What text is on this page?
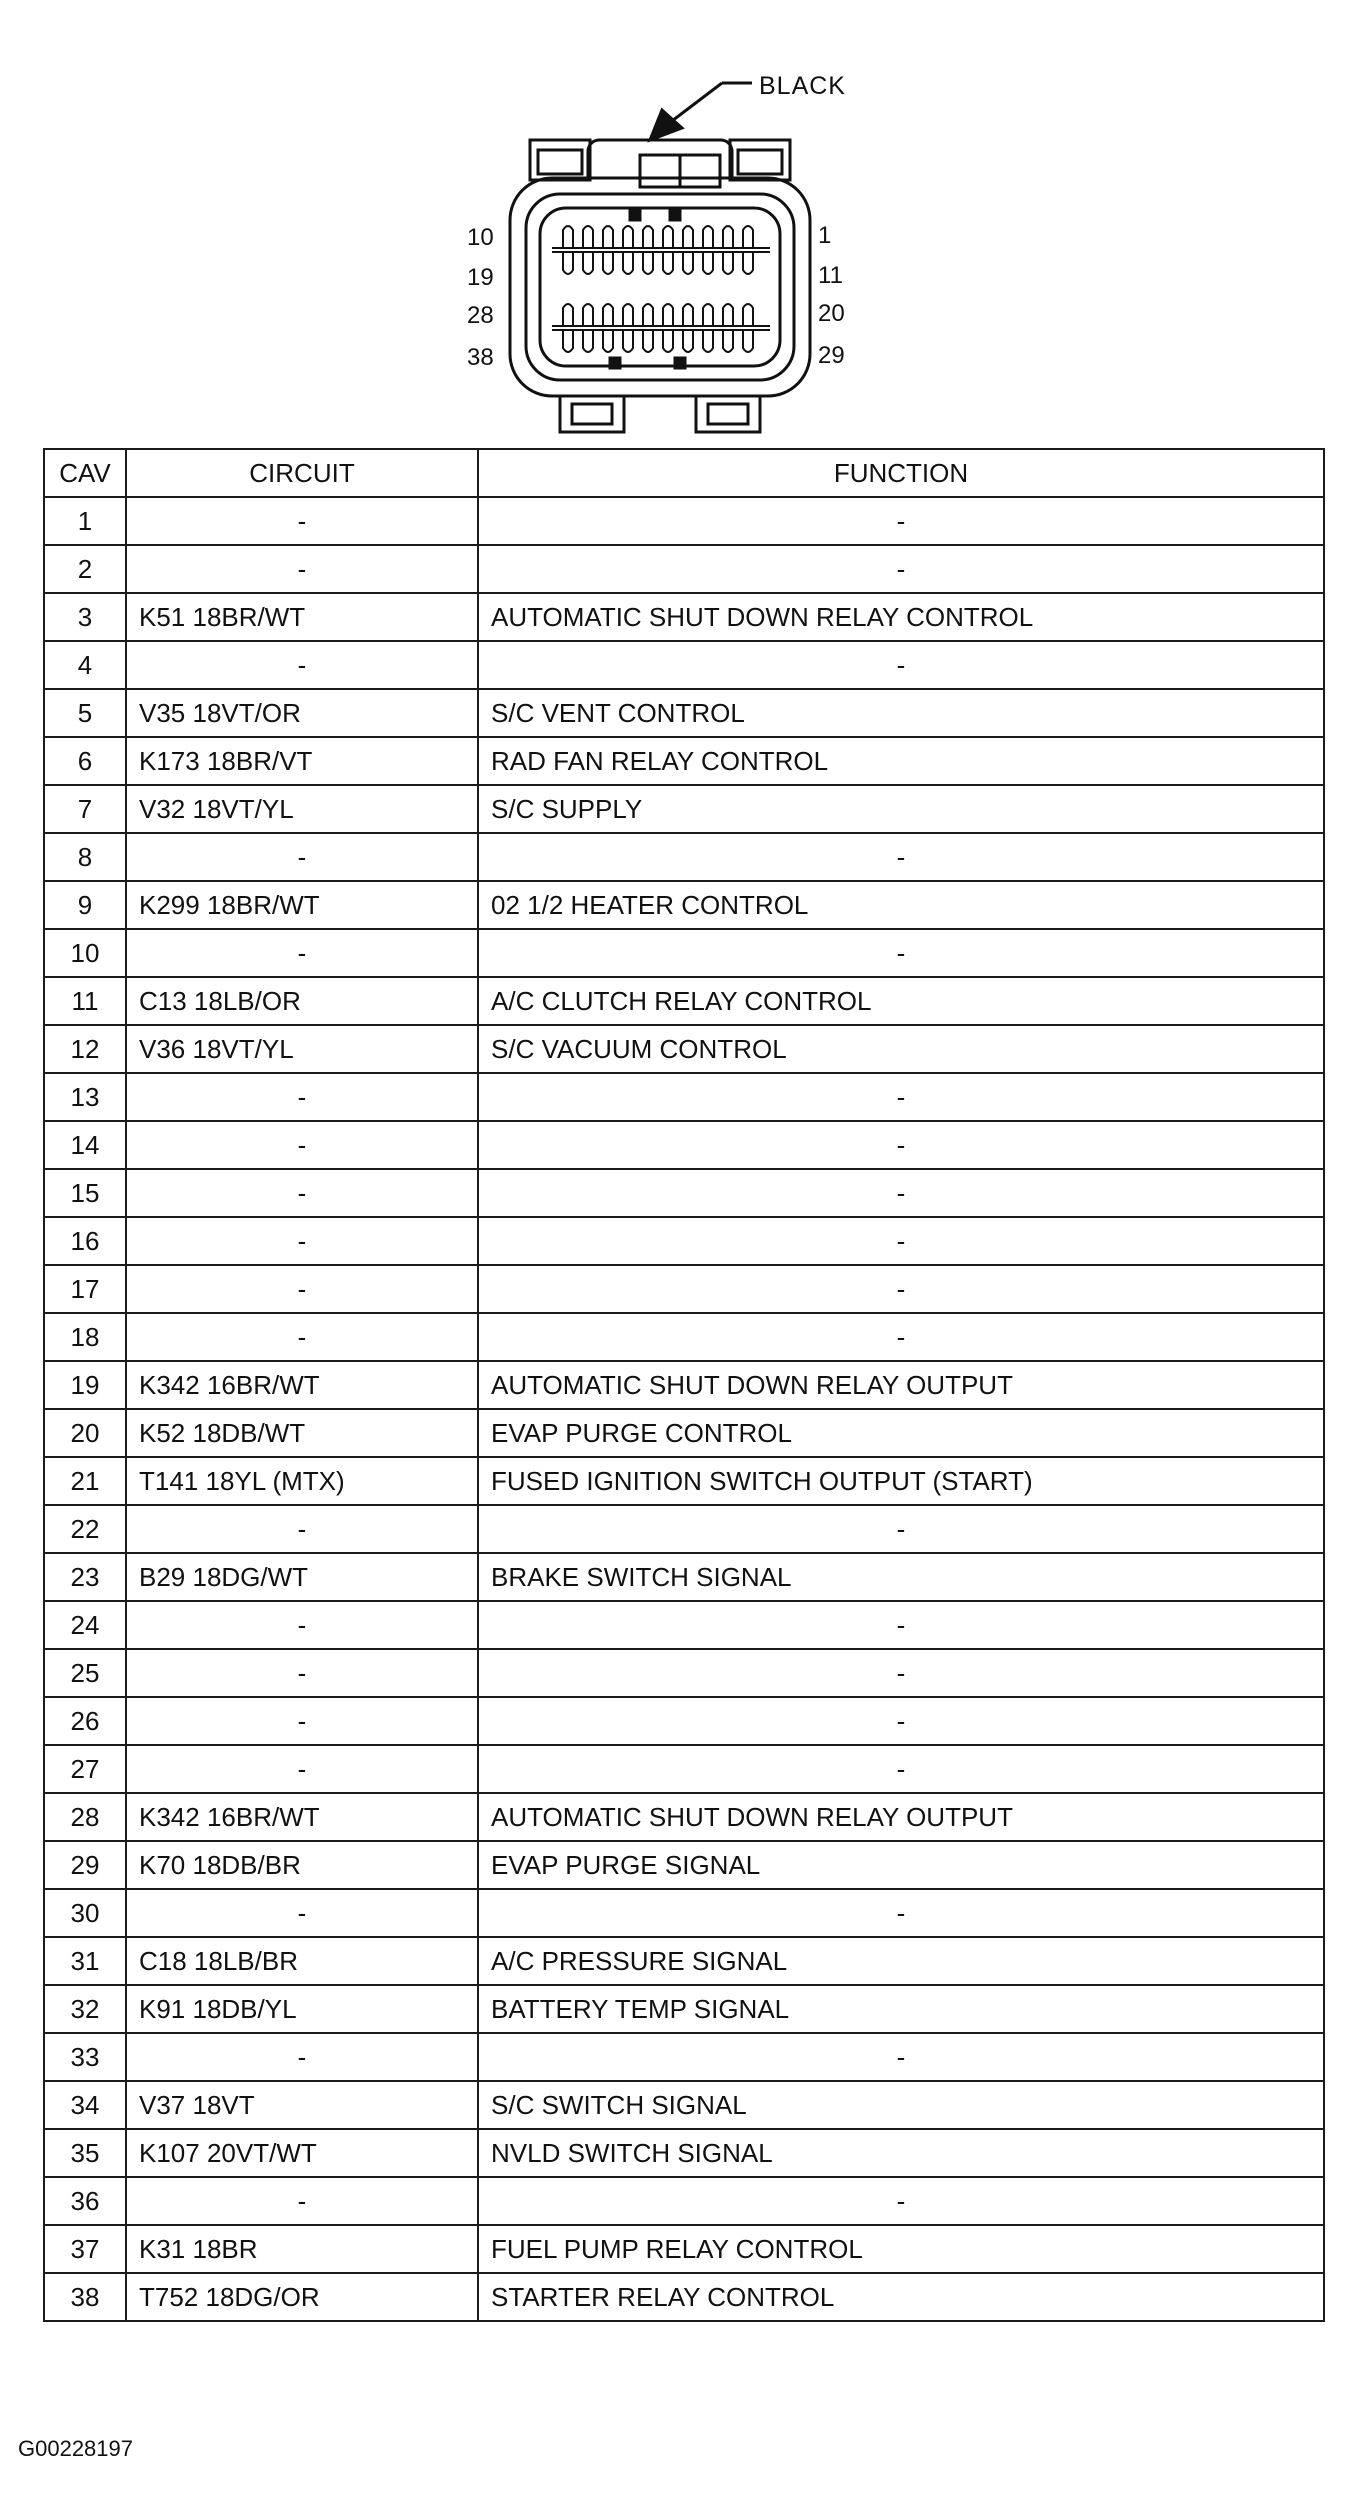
BLACK
10
19
28
38
1
11
20
29
CAV	CIRCUIT	FUNCTION
1	-	-
2	-	-
3	K51 18BR/WT	AUTOMATIC SHUT DOWN RELAY CONTROL
4	-	-
5	V35 18VT/OR	S/C VENT CONTROL
6	K173 18BR/VT	RAD FAN RELAY CONTROL
7	V32 18VT/YL	S/C SUPPLY
8	-	-
9	K299 18BR/WT	02 1/2 HEATER CONTROL
10	-	-
11	C13 18LB/OR	A/C CLUTCH RELAY CONTROL
12	V36 18VT/YL	S/C VACUUM CONTROL
13	-	-
14	-	-
15	-	-
16	-	-
17	-	-
18	-	-
19	K342 16BR/WT	AUTOMATIC SHUT DOWN RELAY OUTPUT
20	K52 18DB/WT	EVAP PURGE CONTROL
21	T141 18YL (MTX)	FUSED IGNITION SWITCH OUTPUT (START)
22	-	-
23	B29 18DG/WT	BRAKE SWITCH SIGNAL
24	-	-
25	-	-
26	-	-
27	-	-
28	K342 16BR/WT	AUTOMATIC SHUT DOWN RELAY OUTPUT
29	K70 18DB/BR	EVAP PURGE SIGNAL
30	-	-
31	C18 18LB/BR	A/C PRESSURE SIGNAL
32	K91 18DB/YL	BATTERY TEMP SIGNAL
33	-	-
34	V37 18VT	S/C SWITCH SIGNAL
35	K107 20VT/WT	NVLD SWITCH SIGNAL
36	-	-
37	K31 18BR	FUEL PUMP RELAY CONTROL
38	T752 18DG/OR	STARTER RELAY CONTROL
G00228197
